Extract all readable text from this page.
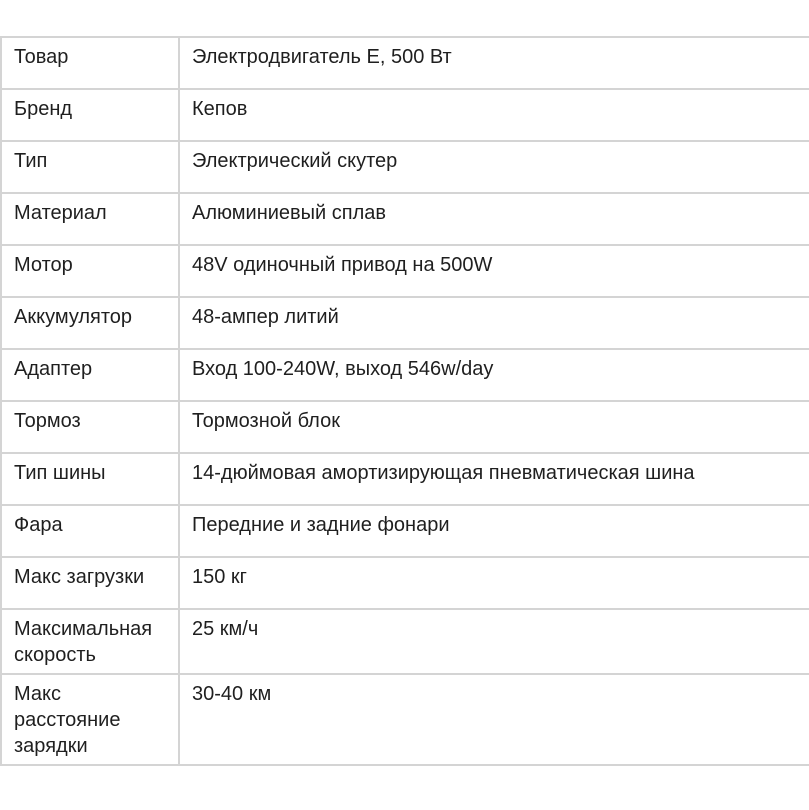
Товар	Электродвигатель Е, 500 Вт
Бренд	Кепов
Тип	Электрический скутер
Материал	Алюминиевый сплав
Мотор	48V одиночный привод на 500W
Аккумулятор	48-ампер литий
Адаптер	Вход 100-240W, выход 546w/day
Тормоз	Тормозной блок
Тип шины	14-дюймовая амортизирующая пневматическая шина
Фара	Передние и задние фонари
Макс загрузки	150 кг
Максимальная скорость	25 км/ч
Макс расстояние зарядки	30-40 км
